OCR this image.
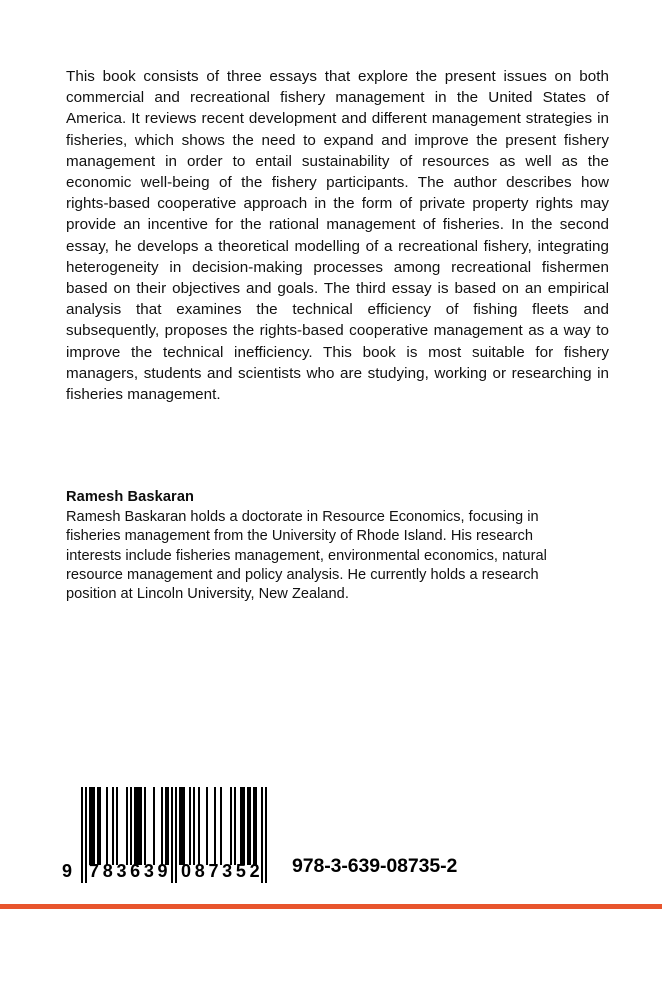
This book consists of three essays that explore the present issues on both commercial and recreational fishery management in the United States of America. It reviews recent development and different management strategies in fisheries, which shows the need to expand and improve the present fishery management in order to entail sustainability of resources as well as the economic well-being of the fishery participants. The author describes how rights-based cooperative approach in the form of private property rights may provide an incentive for the rational management of fisheries. In the second essay, he develops a theoretical modelling of a recreational fishery, integrating heterogeneity in decision-making processes among recreational fishermen based on their objectives and goals. The third essay is based on an empirical analysis that examines the technical efficiency of fishing fleets and subsequently, proposes the rights-based cooperative management as a way to improve the technical inefficiency. This book is most suitable for fishery managers, students and scientists who are studying, working or researching in fisheries management.

Ramesh Baskaran

Ramesh Baskaran holds a doctorate in Resource Economics, focusing in fisheries management from the University of Rhode Island. His research interests include fisheries management, environmental economics, natural resource management and policy analysis. He currently holds a research position at Lincoln University, New Zealand.

9 7 8 3 6 3 9 0 8 7 3 5 2 978-3-639-08735-2
